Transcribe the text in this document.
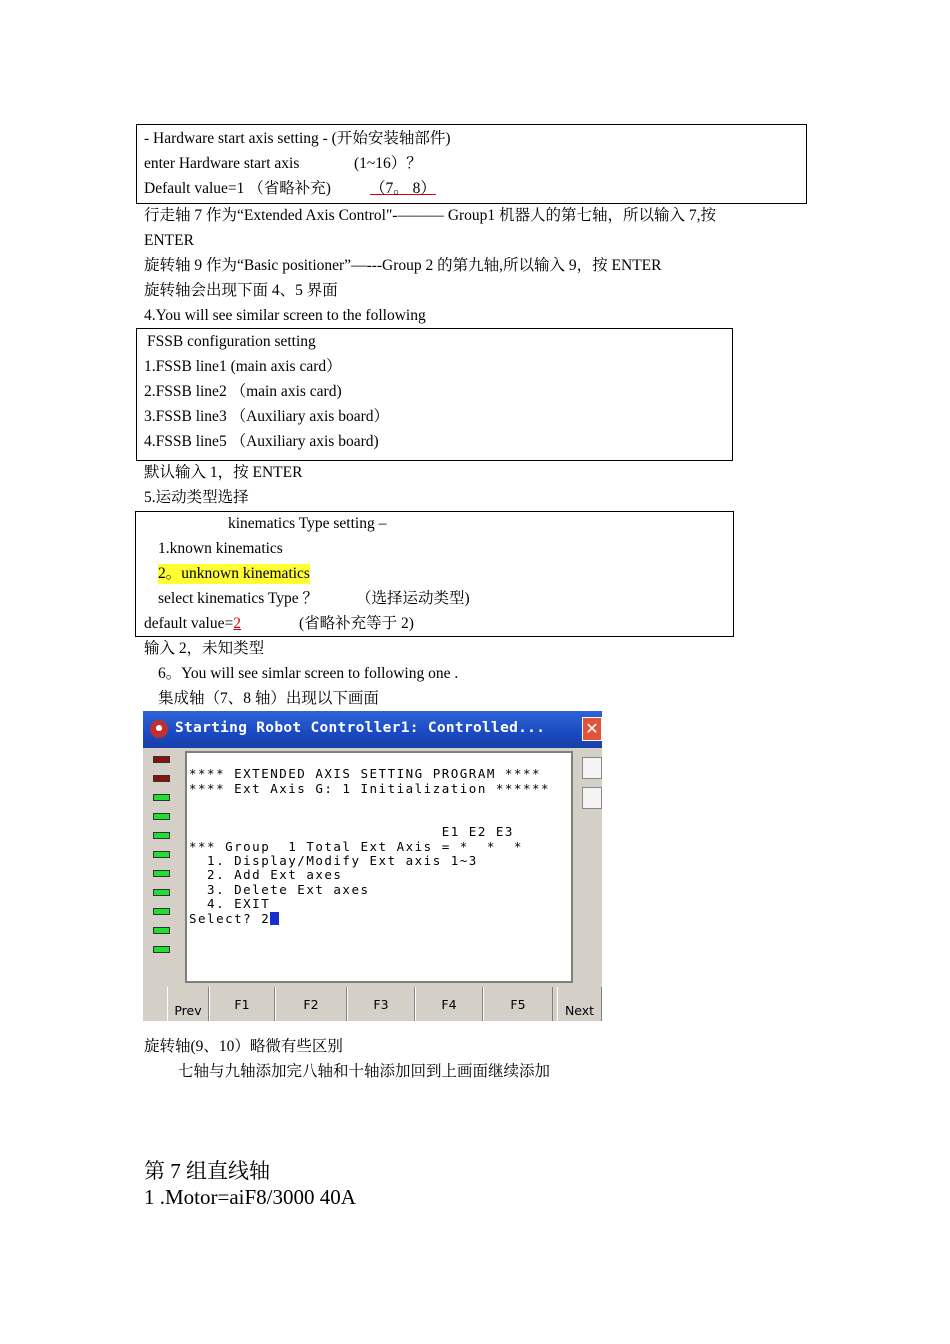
- Hardware start axis setting - (开始安装轴部件)
enter Hardware start axis	(1~16）？
Default value=1 （省略补充)	（7。 8）
行走轴 7 作为“Extended Axis Control"-——— Group1 机器人的第七轴，所以输入 7,按
ENTER
旋转轴 9 作为“Basic positioner”—---Group 2 的第九轴,所以输入 9，按 ENTER
旋转轴会出现下面 4、5 界面
4.You will see similar screen to the following
FSSB configuration setting
1.FSSB line1 (main axis card）
2.FSSB line2 （main axis card)
3.FSSB line3 （Auxiliary axis board）
4.FSSB line5 （Auxiliary axis board)
默认输入 1，按 ENTER
5.运动类型选择
kinematics Type setting –
1.known kinematics
2。unknown kinematics
select kinematics Type ？ （选择运动类型)
default value=2	(省略补充等于 2)
输入 2，未知类型
6。You will see simlar screen to following one .
集成轴（7、8 轴）出现以下画面
Starting Robot Controller1: Controlled...	✕
**** EXTENDED AXIS SETTING PROGRAM ****
**** Ext Axis G: 1 Initialization ******
E1 E2 E3
*** Group  1 Total Ext Axis = *  *  *
1. Display/Modify Ext axis 1~3
2. Add Ext axes
3. Delete Ext axes
4. EXIT
Select? 2
Prev	F1	F2	F3	F4	F5	Next
旋转轴(9、10）略微有些区别
七轴与九轴添加完八轴和十轴添加回到上画面继续添加
第 7 组直线轴
1 .Motor=aiF8/3000 40A
